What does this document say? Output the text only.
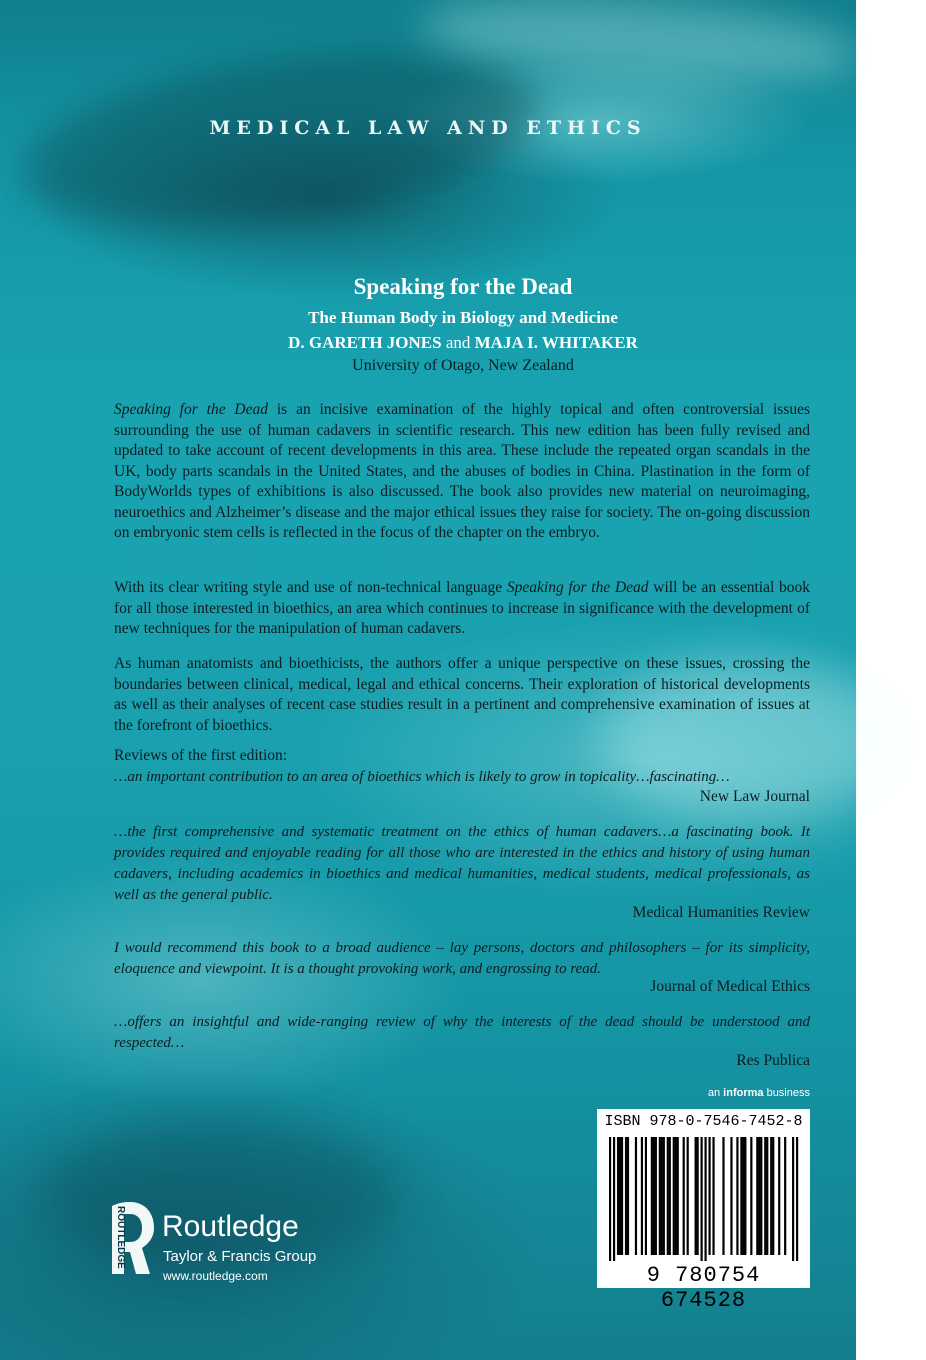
MEDICAL LAW AND ETHICS
Speaking for the Dead
The Human Body in Biology and Medicine
D. GARETH JONES and MAJA I. WHITAKER
University of Otago, New Zealand

Speaking for the Dead is an incisive examination of the highly topical and often controversial issues surrounding the use of human cadavers in scientific research. This new edition has been fully revised and updated to take account of recent developments in this area. These include the repeated organ scandals in the UK, body parts scandals in the United States, and the abuses of bodies in China. Plastination in the form of BodyWorlds types of exhibitions is also discussed. The book also provides new material on neuroimaging, neuroethics and Alzheimer’s disease and the major ethical issues they raise for society. The on-going discussion on embryonic stem cells is reflected in the focus of the chapter on the embryo.

With its clear writing style and use of non-technical language Speaking for the Dead will be an essential book for all those interested in bioethics, an area which continues to increase in significance with the development of new techniques for the manipulation of human cadavers.

As human anatomists and bioethicists, the authors offer a unique perspective on these issues, crossing the boundaries between clinical, medical, legal and ethical concerns. Their exploration of historical developments as well as their analyses of recent case studies result in a pertinent and comprehensive examination of issues at the forefront of bioethics.

Reviews of the first edition:

…an important contribution to an area of bioethics which is likely to grow in topicality…fascinating…

New Law Journal

…the first comprehensive and systematic treatment on the ethics of human cadavers…a fascinating book. It provides required and enjoyable reading for all those who are interested in the ethics and history of using human cadavers, including academics in bioethics and medical humanities, medical students, medical professionals, as well as the general public.

Medical Humanities Review

I would recommend this book to a broad audience – lay persons, doctors and philosophers – for its simplicity, eloquence and viewpoint. It is a thought provoking work, and engrossing to read.

Journal of Medical Ethics

…offers an insightful and wide-ranging review of why the interests of the dead should be understood and respected…

Res Publica
an informa business
ISBN 978-0-7546-7452-8
9 780754 674528
ROUTLEDGE Routledge
Taylor & Francis Group
www.routledge.com
